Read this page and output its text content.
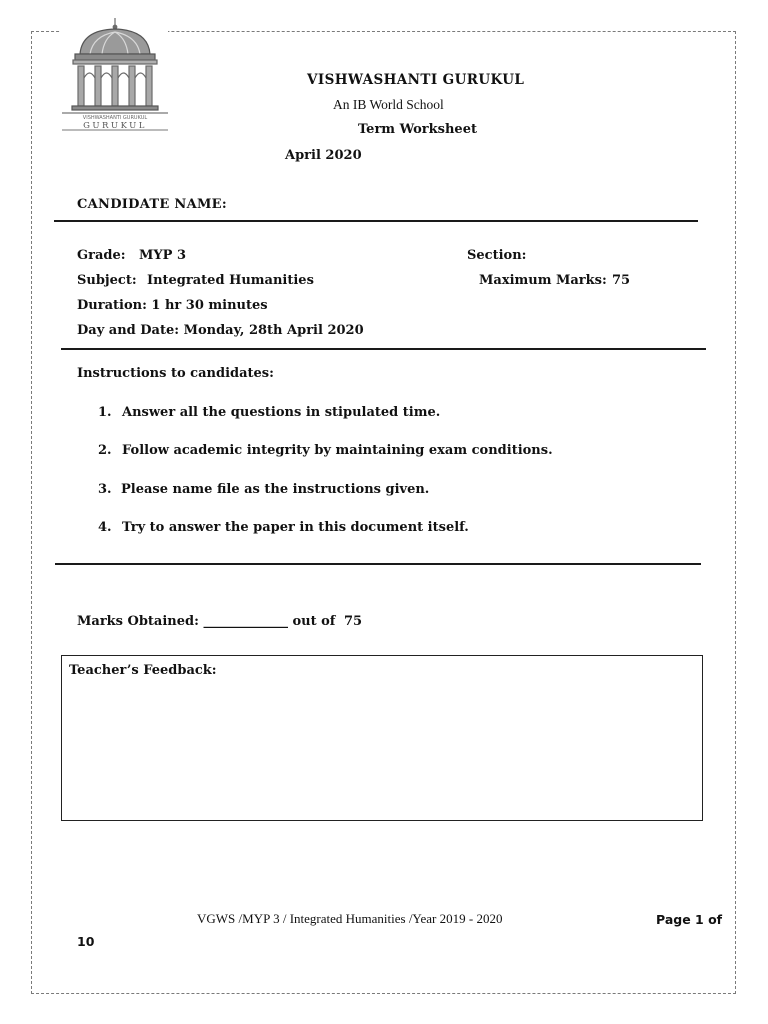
VISHWASHANTI GURUKUL
GURUKUL
VISHWASHANTI GURUKUL
An IB World School
Term Worksheet
April 2020
CANDIDATE NAME:
Grade: MYP 3	Section:
Subject: Integrated Humanities	Maximum Marks: 75
Duration: 1 hr 30 minutes
Day and Date: Monday, 28th April 2020
Instructions to candidates:
1. Answer all the questions in stipulated time.
2. Follow academic integrity by maintaining exam conditions.
3. Please name file as the instructions given.
4. Try to answer the paper in this document itself.
Marks Obtained: _____________ out of 75
Teacher’s Feedback:
VGWS /MYP 3 / Integrated Humanities /Year 2019 - 2020	Page 1 of
10
